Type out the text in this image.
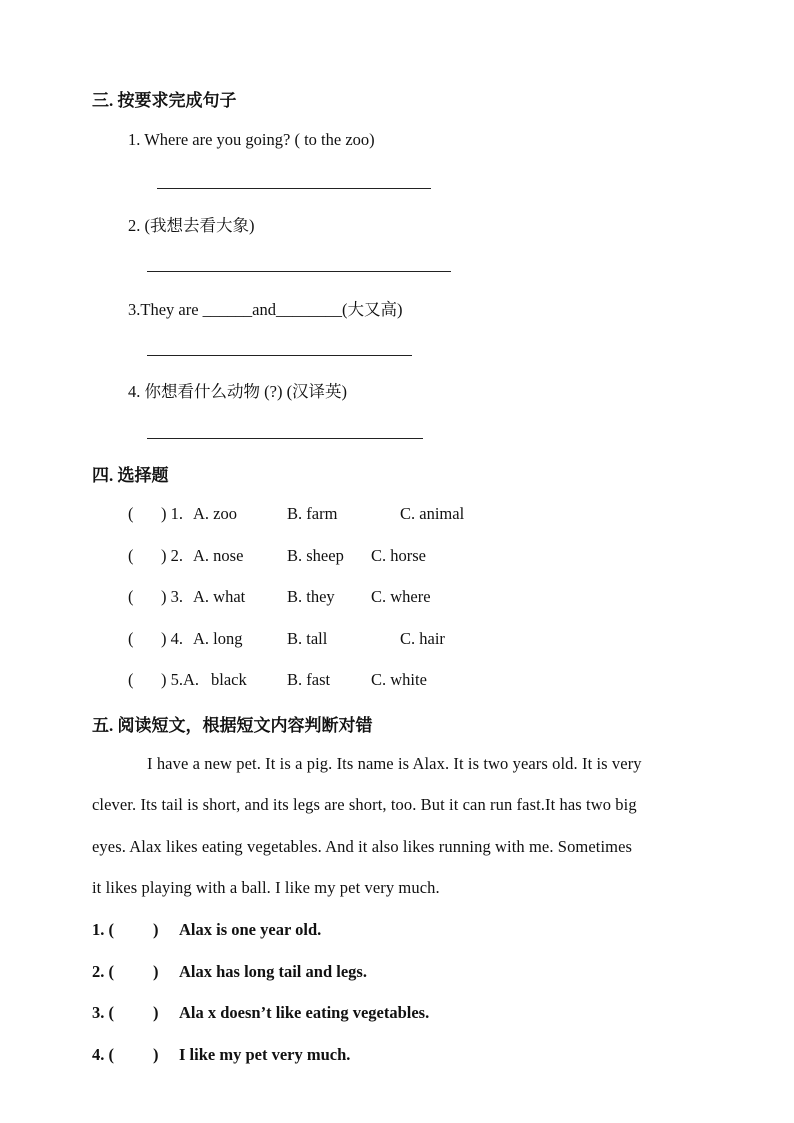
三. 按要求完成句子
1. Where are you going? ( to the zoo)
2. (我想去看大象)
3.They are ______and________(大又高)
4. 你想看什么动物 (?) (汉译英)
四. 选择题
( ) 1. A. zoo	B. farm	C. animal
( ) 2. A. nose	B. sheep C. horse
( ) 3. A. what	B. they C. where
( ) 4. A. long	B. tall	C. hair
( ) 5.A. black B. fast C. white
五. 阅读短文，根据短文内容判断对错
I have a new pet. It is a pig. Its name is Alax. It is two years old. It is very
clever. Its tail is short, and its legs are short, too. But it can run fast.It has two big
eyes. Alax likes eating vegetables. And it also likes running with me. Sometimes
it likes playing with a ball. I like my pet very much.
1. ( ) Alax is one year old.
2. ( ) Alax has long tail and legs.
3. ( ) Ala x doesn’t like eating vegetables.
4. ( ) I like my pet very much.
